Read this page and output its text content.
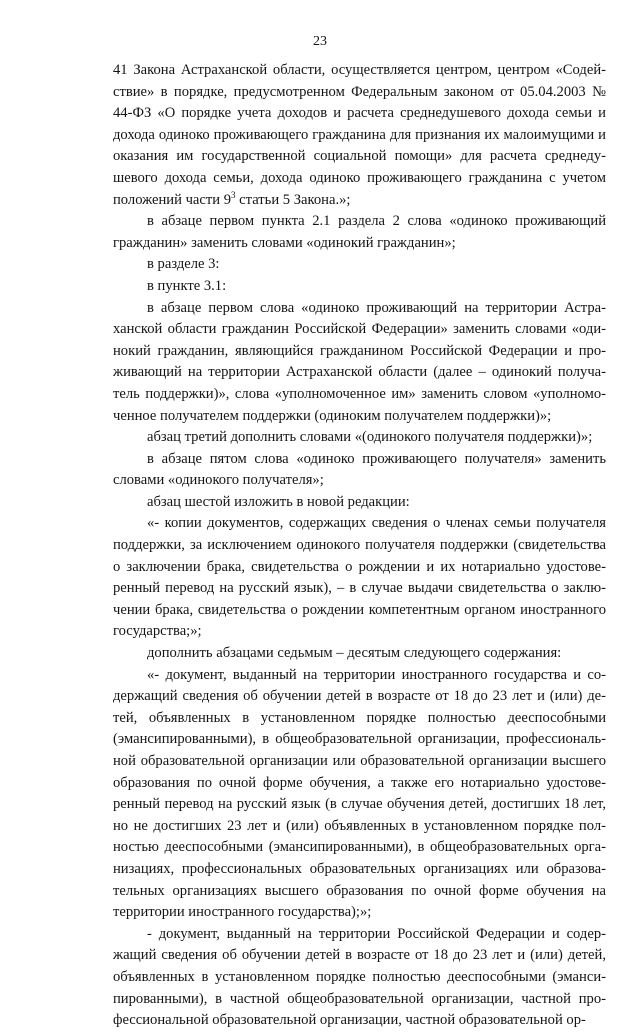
23

41 Закона Астраханской области, осуществляется центром, центром «Содей-ствие» в порядке, предусмотренном Федеральным законом от 05.04.2003 № 44-ФЗ «О порядке учета доходов и расчета среднедушевого дохода семьи и дохода одиноко проживающего гражданина для признания их малоимущими и оказания им государственной социальной помощи» для расчета среднеду-шевого дохода семьи, дохода одиноко проживающего гражданина с учетом положений части $9^3$ статьи 5 Закона.»;

в абзаце первом пункта 2.1 раздела 2 слова «одиноко проживающий гражданин» заменить словами «одинокий гражданин»;

в разделе 3:

в пункте 3.1:

в абзаце первом слова «одиноко проживающий на территории Астра-ханской области гражданин Российской Федерации» заменить словами «оди-нокий гражданин, являющийся гражданином Российской Федерации и про-живающий на территории Астраханской области (далее – одинокий получа-тель поддержки)», слова «уполномоченное им» заменить словом «уполномо-ченное получателем поддержки (одиноким получателем поддержки)»;

абзац третий дополнить словами «(одинокого получателя поддержки)»;

в абзаце пятом слова «одиноко проживающего получателя» заменить словами «одинокого получателя»;

абзац шестой изложить в новой редакции:

«- копии документов, содержащих сведения о членах семьи получателя поддержки, за исключением одинокого получателя поддержки (свидетельства о заключении брака, свидетельства о рождении и их нотариально удостове-ренный перевод на русский язык), – в случае выдачи свидетельства о заклю-чении брака, свидетельства о рождении компетентным органом иностранного государства;»;

дополнить абзацами седьмым – десятым следующего содержания:

«- документ, выданный на территории иностранного государства и со-держащий сведения об обучении детей в возрасте от 18 до 23 лет и (или) де-тей, объявленных в установленном порядке полностью дееспособными (эмансипированными), в общеобразовательной организации, профессиональ-ной образовательной организации или образовательной организации высшего образования по очной форме обучения, а также его нотариально удостове-ренный перевод на русский язык (в случае обучения детей, достигших 18 лет, но не достигших 23 лет и (или) объявленных в установленном порядке пол-ностью дееспособными (эмансипированными), в общеобразовательных орга-низациях, профессиональных образовательных организациях или образова-тельных организациях высшего образования по очной форме обучения на территории иностранного государства);»;

- документ, выданный на территории Российской Федерации и содер-жащий сведения об обучении детей в возрасте от 18 до 23 лет и (или) детей, объявленных в установленном порядке полностью дееспособными (эманси-пированными), в частной общеобразовательной организации, частной про-фессиональной образовательной организации, частной образовательной ор-
